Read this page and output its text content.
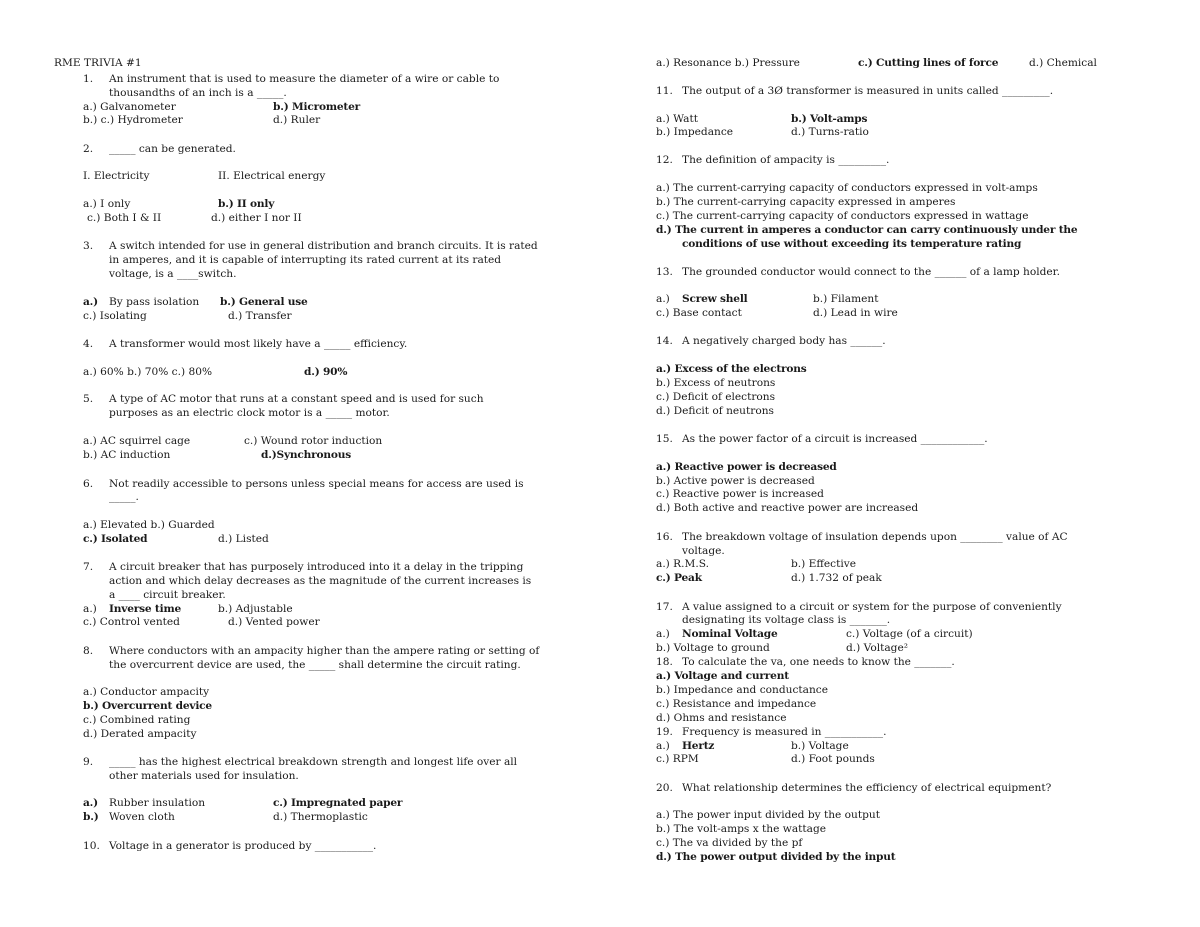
RME TRIVIA #1
1. An instrument that is used to measure the diameter of a wire or cable to
thousandths of an inch is a _____.
a.) Galvanometer	b.) Micrometer
b.) c.) Hydrometer	d.) Ruler
2. _____ can be generated.
I. Electricity	II. Electrical energy
a.) I only	b.) II only
c.) Both I & II	d.) either I nor II
3. A switch intended for use in general distribution and branch circuits. It is rated
in amperes, and it is capable of interrupting its rated current at its rated
voltage, is a ____switch.
a.) By pass isolation b.) General use
c.) Isolating	d.) Transfer
4. A transformer would most likely have a _____ efficiency.
a.) 60% b.) 70% c.) 80%	d.) 90%
5. A type of AC motor that runs at a constant speed and is used for such
purposes as an electric clock motor is a _____ motor.
a.) AC squirrel cage	c.) Wound rotor induction
b.) AC induction	d.)Synchronous
6. Not readily accessible to persons unless special means for access are used is
_____.
a.) Elevated b.) Guarded
c.) Isolated	d.) Listed
7. A circuit breaker that has purposely introduced into it a delay in the tripping
action and which delay decreases as the magnitude of the current increases is
a ____ circuit breaker.
a.) Inverse time	b.) Adjustable
c.) Control vented	d.) Vented power
8. Where conductors with an ampacity higher than the ampere rating or setting of
the overcurrent device are used, the _____ shall determine the circuit rating.
a.) Conductor ampacity
b.) Overcurrent device
c.) Combined rating
d.) Derated ampacity
9. _____ has the highest electrical breakdown strength and longest life over all
other materials used for insulation.
a.) Rubber insulation	c.) Impregnated paper
b.) Woven cloth	d.) Thermoplastic
10. Voltage in a generator is produced by ___________.
a.) Resonance b.) Pressure	c.) Cutting lines of force	d.) Chemical
11. The output of a 3Ø transformer is measured in units called _________.
a.) Watt	b.) Volt-amps
b.) Impedance	d.) Turns-ratio
12. The definition of ampacity is _________.
a.) The current-carrying capacity of conductors expressed in volt-amps
b.) The current-carrying capacity expressed in amperes
c.) The current-carrying capacity of conductors expressed in wattage
d.) The current in amperes a conductor can carry continuously under the
conditions of use without exceeding its temperature rating
13. The grounded conductor would connect to the ______ of a lamp holder.
a.) Screw shell	b.) Filament
c.) Base contact	d.) Lead in wire
14. A negatively charged body has ______.
a.) Excess of the electrons
b.) Excess of neutrons
c.) Deficit of electrons
d.) Deficit of neutrons
15. As the power factor of a circuit is increased ____________.
a.) Reactive power is decreased
b.) Active power is decreased
c.) Reactive power is increased
d.) Both active and reactive power are increased
16. The breakdown voltage of insulation depends upon ________ value of AC
voltage.
a.) R.M.S.	b.) Effective
c.) Peak	d.) 1.732 of peak
17. A value assigned to a circuit or system for the purpose of conveniently
designating its voltage class is _______.
a.) Nominal Voltage	c.) Voltage (of a circuit)
b.) Voltage to ground	d.) Voltage²
18. To calculate the va, one needs to know the _______.
a.) Voltage and current
b.) Impedance and conductance
c.) Resistance and impedance
d.) Ohms and resistance
19. Frequency is measured in ___________.
a.) Hertz	b.) Voltage
c.) RPM	d.) Foot pounds
20. What relationship determines the efficiency of electrical equipment?
a.) The power input divided by the output
b.) The volt-amps x the wattage
c.) The va divided by the pf
d.) The power output divided by the input
